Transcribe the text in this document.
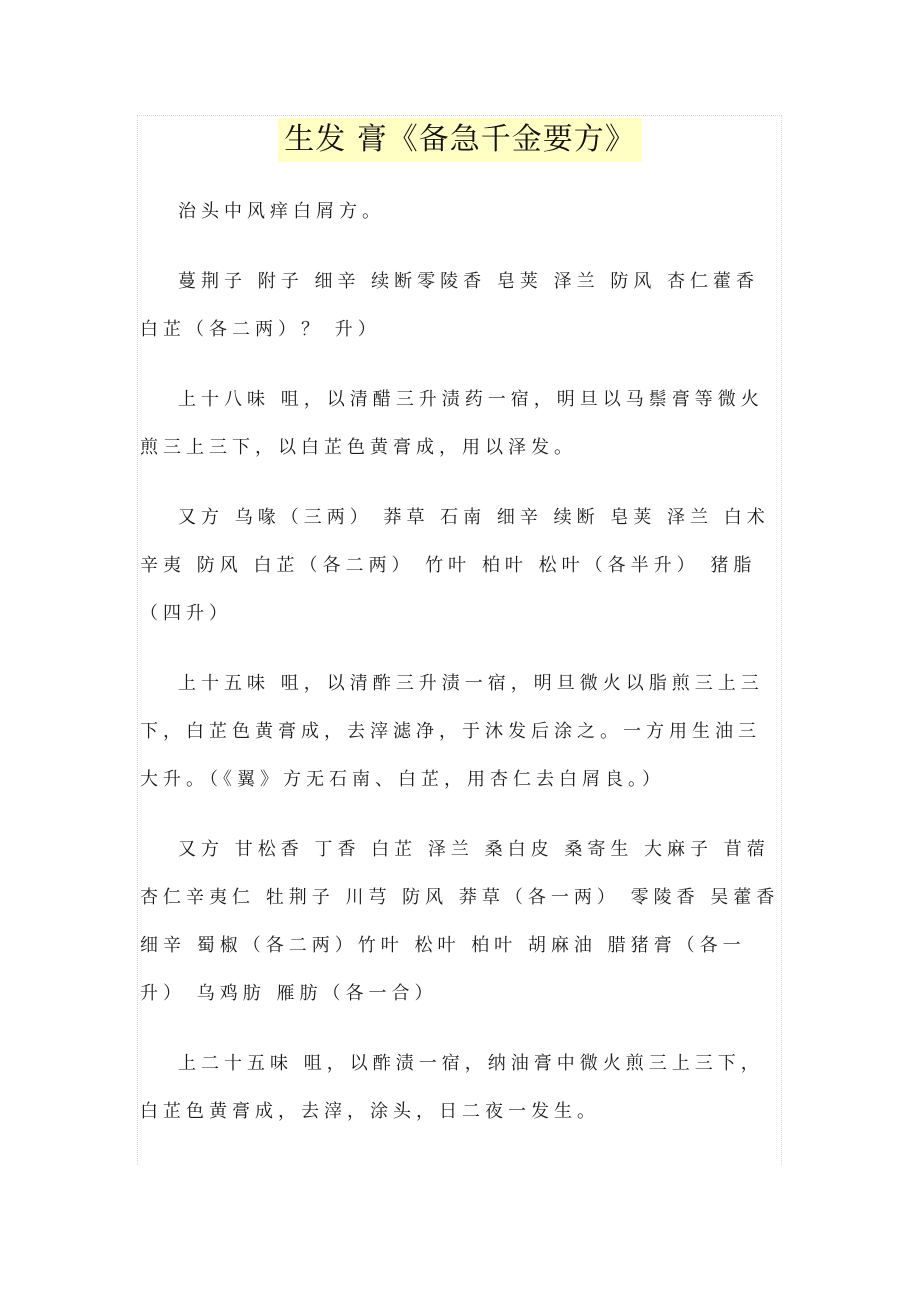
生发 膏《备急千金要方》

治头中风痒白屑方。

蔓荆子 附子 细辛 续断零陵香 皂荚 泽兰 防风 杏仁藿香 白芷（各二两）？ 升）

上十八味 咀，以清醋三升渍药一宿，明旦以马鬃膏等微火煎三上三下，以白芷色黄膏成，用以泽发。

又方 乌喙（三两） 莽草 石南 细辛 续断 皂荚 泽兰 白术 辛夷 防风 白芷（各二两） 竹叶 柏叶 松叶（各半升） 猪脂（四升）

上十五味 咀，以清酢三升渍一宿，明旦微火以脂煎三上三下，白芷色黄膏成，去滓滤净，于沐发后涂之。一方用生油三大升。（《翼》方无石南、白芷，用杏仁去白屑良。）

又方 甘松香 丁香 白芷 泽兰 桑白皮 桑寄生 大麻子 苜蓿 杏仁辛夷仁 牡荆子 川芎 防风 莽草（各一两） 零陵香 吴藿香 细辛 蜀椒（各二两）竹叶 松叶 柏叶 胡麻油 腊猪膏（各一升） 乌鸡肪 雁肪（各一合）

上二十五味 咀，以酢渍一宿，纳油膏中微火煎三上三下，白芷色黄膏成，去滓，涂头，日二夜一发生。
